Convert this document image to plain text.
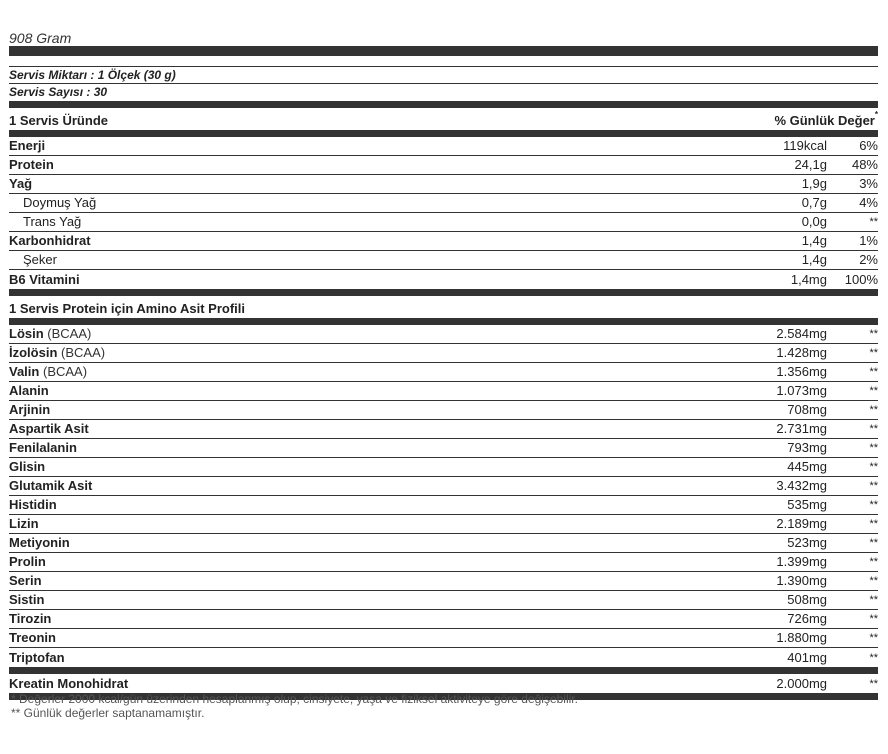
908 Gram
Servis Miktarı : 1 Ölçek (30 g)
Servis Sayısı : 30
1 Servis Üründe	% Günlük Değer*
Enerji	119kcal	6%
Protein	24,1g	48%
Yağ	1,9g	3%
Doymuş Yağ	0,7g	4%
Trans Yağ	0,0g	**
Karbonhidrat	1,4g	1%
Şeker	1,4g	2%
B6 Vitamini	1,4mg	100%
1 Servis Protein için Amino Asit Profili
Lösin (BCAA)	2.584mg	**
İzolösin (BCAA)	1.428mg	**
Valin (BCAA)	1.356mg	**
Alanin	1.073mg	**
Arjinin	708mg	**
Aspartik Asit	2.731mg	**
Fenilalanin	793mg	**
Glisin	445mg	**
Glutamik Asit	3.432mg	**
Histidin	535mg	**
Lizin	2.189mg	**
Metiyonin	523mg	**
Prolin	1.399mg	**
Serin	1.390mg	**
Sistin	508mg	**
Tirozin	726mg	**
Treonin	1.880mg	**
Triptofan	401mg	**
Kreatin Monohidrat	2.000mg	**
* Değerler 2000 kcal/gün üzerinden hesaplanmış olup, cinsiyete, yaşa ve fiziksel aktiviteye göre değişebilir.
** Günlük değerler saptanamamıştır.
